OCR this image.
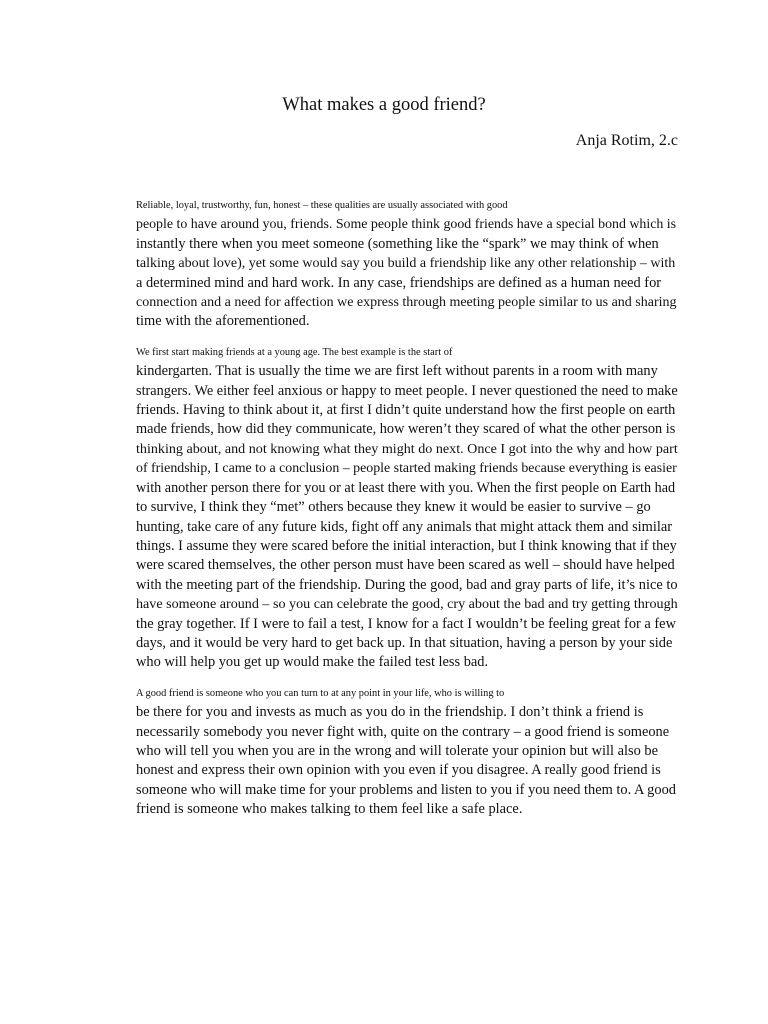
What makes a good friend?
Anja Rotim, 2.c

Reliable, loyal, trustworthy, fun, honest – these qualities are usually associated with good
people to have around you, friends. Some people think good friends have a special bond which is
instantly there when you meet someone (something like the “spark” we may think of when
talking about love), yet some would say you build a friendship like any other relationship – with
a determined mind and hard work. In any case, friendships are defined as a human need for
connection and a need for affection we express through meeting people similar to us and sharing
time with the aforementioned.

We first start making friends at a young age. The best example is the start of
kindergarten. That is usually the time we are first left without parents in a room with many
strangers. We either feel anxious or happy to meet people. I never questioned the need to make
friends. Having to think about it, at first I didn’t quite understand how the first people on earth
made friends, how did they communicate, how weren’t they scared of what the other person is
thinking about, and not knowing what they might do next. Once I got into the why and how part
of friendship, I came to a conclusion – people started making friends because everything is easier
with another person there for you or at least there with you. When the first people on Earth had
to survive, I think they “met” others because they knew it would be easier to survive – go
hunting, take care of any future kids, fight off any animals that might attack them and similar
things. I assume they were scared before the initial interaction, but I think knowing that if they
were scared themselves, the other person must have been scared as well – should have helped
with the meeting part of the friendship. During the good, bad and gray parts of life, it’s nice to
have someone around – so you can celebrate the good, cry about the bad and try getting through
the gray together. If I were to fail a test, I know for a fact I wouldn’t be feeling great for a few
days, and it would be very hard to get back up. In that situation, having a person by your side
who will help you get up would make the failed test less bad.

A good friend is someone who you can turn to at any point in your life, who is willing to
be there for you and invests as much as you do in the friendship. I don’t think a friend is
necessarily somebody you never fight with, quite on the contrary – a good friend is someone
who will tell you when you are in the wrong and will tolerate your opinion but will also be
honest and express their own opinion with you even if you disagree. A really good friend is
someone who will make time for your problems and listen to you if you need them to. A good
friend is someone who makes talking to them feel like a safe place.
